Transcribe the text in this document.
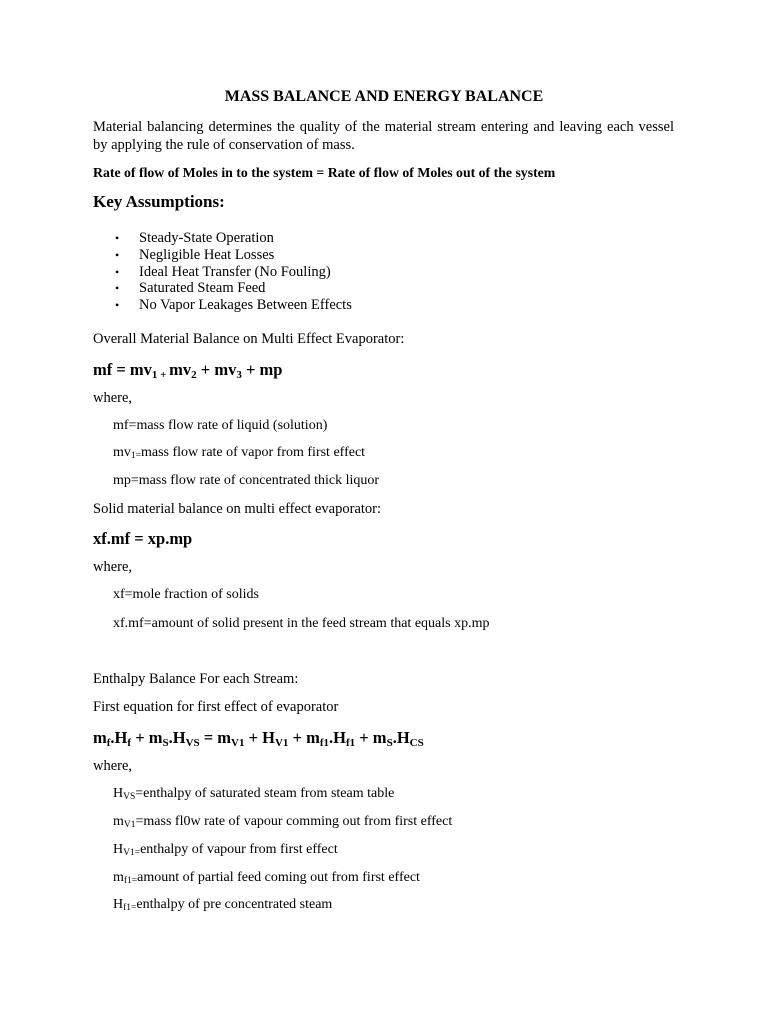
MASS BALANCE AND ENERGY BALANCE
Material balancing determines the quality of the material stream entering and leaving each vessel by applying the rule of conservation of mass.
Rate of flow of Moles in to the system = Rate of flow of Moles out of the system
Key Assumptions:
• Steady-State Operation
• Negligible Heat Losses
• Ideal Heat Transfer (No Fouling)
• Saturated Steam Feed
• No Vapor Leakages Between Effects
Overall Material Balance on Multi Effect Evaporator:
mf = $mv_{1 +}$ $mv_2 + mv_3$ + mp
where,
mf=mass flow rate of liquid (solution)
$mv_{1=}mass$ flow rate of vapor from first effect
mp=mass flow rate of concentrated thick liquor
Solid material balance on multi effect evaporator:
xf.mf = xp.mp
where,
xf=mole fraction of solids
xf.mf=amount of solid present in the feed stream that equals xp.mp
Enthalpy Balance For each Stream:
First equation for first effect of evaporator
$m_f.H_f + m_S.H_{VS} = m_{V1} + H_{V1} + m_{f1}.H_{f1} + m_S.H_{CS}$
where,
$H_{VS}=enthalpy$ of saturated steam from steam table
$m_{V1}=mass$ fl0w rate of vapour comming out from first effect
$H_{V1=}enthalpy$ of vapour from first effect
$m_{f1=}amount$ of partial feed coming out from first effect
$H_{f1=}enthalpy$ of pre concentrated steam
